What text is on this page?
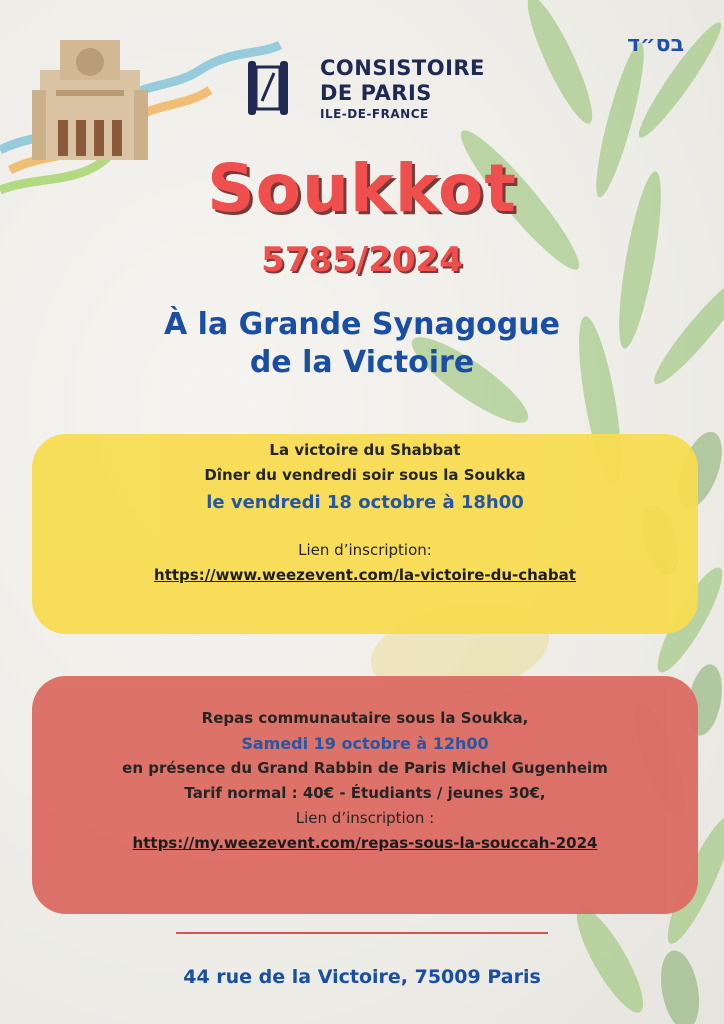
בס״ד
CONSISTOIRE
DE PARIS
ILE-DE-FRANCE
Soukkot
5785/2024
À la Grande Synagogue
de la Victoire
La victoire du Shabbat
Dîner du vendredi soir sous la Soukka
le vendredi 18 octobre à 18h00
Lien d’inscription:
https://www.weezevent.com/la-victoire-du-chabat
Repas communautaire sous la Soukka,
Samedi 19 octobre à 12h00
en présence du Grand Rabbin de Paris Michel Gugenheim
Tarif normal : 40€ - Étudiants / jeunes 30€,
Lien d’inscription :
https://my.weezevent.com/repas-sous-la-souccah-2024
44 rue de la Victoire, 75009 Paris
